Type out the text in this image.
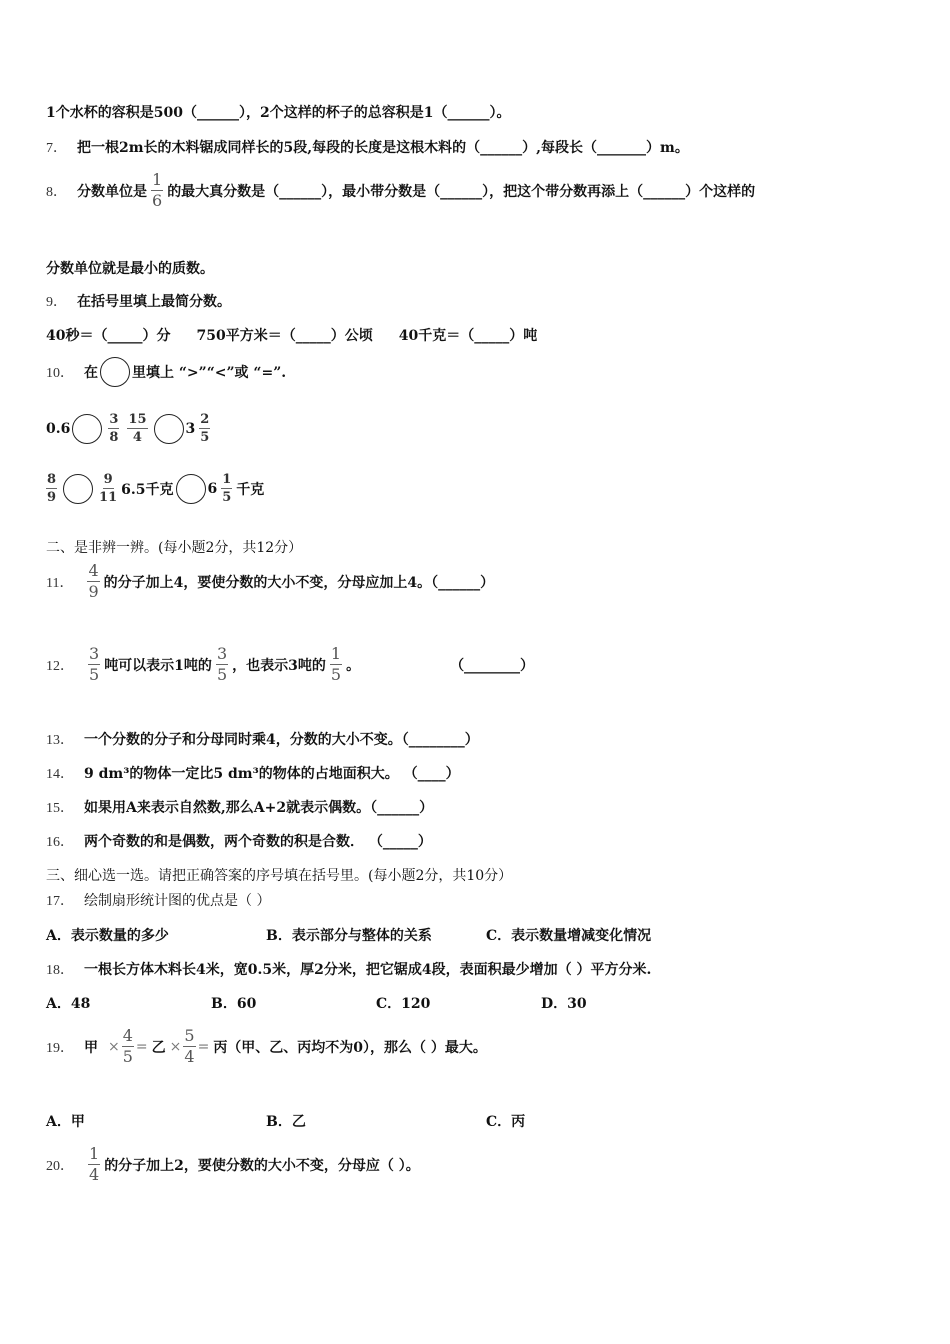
1个水杯的容积是500（______），2个这样的杯子的总容积是1（______）。
7． 把一根2m长的木料锯成同样长的5段,每段的长度是这根木料的（______）,每段长（_______）m。
8． 分数单位是 $\frac{1}{6}$ 的最大真分数是（______），最小带分数是（______），把这个带分数再添上（______）个这样的
分数单位就是最小的质数。
9． 在括号里填上最简分数。
40秒＝（_____）分 750平方米＝（_____）公顷 40千克＝（_____）吨
10． 在 里填上 “>”“<”或 “=”.
0.6	$\frac{3}{8} \frac{15}{4}$	$3 \frac{2}{5}$
$\frac{8}{9}$	$\frac{9}{11} 6.5$千克 $6 \frac{1}{5}$ 千克
二、是非辨一辨。(每小题2分，共12分）
11． $\frac{4}{9}$ 的分子加上4，要使分数的大小不变，分母应加上4。（______）
12． $\frac{3}{5}$ 吨可以表示1吨的 $\frac{3}{5}$ ，也表示3吨的 $\frac{1}{5}$ 。	（________）
13． 一个分数的分子和分母同时乘4，分数的大小不变。（________）
14． 9 dm³的物体一定比5 dm³的物体的占地面积大。 （____）
15． 如果用A来表示自然数,那么A+2就表示偶数。（______）
16． 两个奇数的和是偶数，两个奇数的积是合数． （_____）
三、细心选一选。请把正确答案的序号填在括号里。(每小题2分，共10分）
17． 绘制扇形统计图的优点是（ ）
A．表示数量的多少	B．表示部分与整体的关系	C．表示数量增减变化情况
18． 一根长方体木料长4米，宽0.5米，厚2分米，把它锯成4段，表面积最少增加（ ）平方分米.
A．48	B．60	C．120	D．30
19． 甲 × $\frac{4}{5}$ = 乙 × $\frac{5}{4}$ = 丙（甲、乙、丙均不为0），那么（ ）最大。
A．甲	B．乙	C．丙
20． $\frac{1}{4}$ 的分子加上2，要使分数的大小不变，分母应（ ）。
